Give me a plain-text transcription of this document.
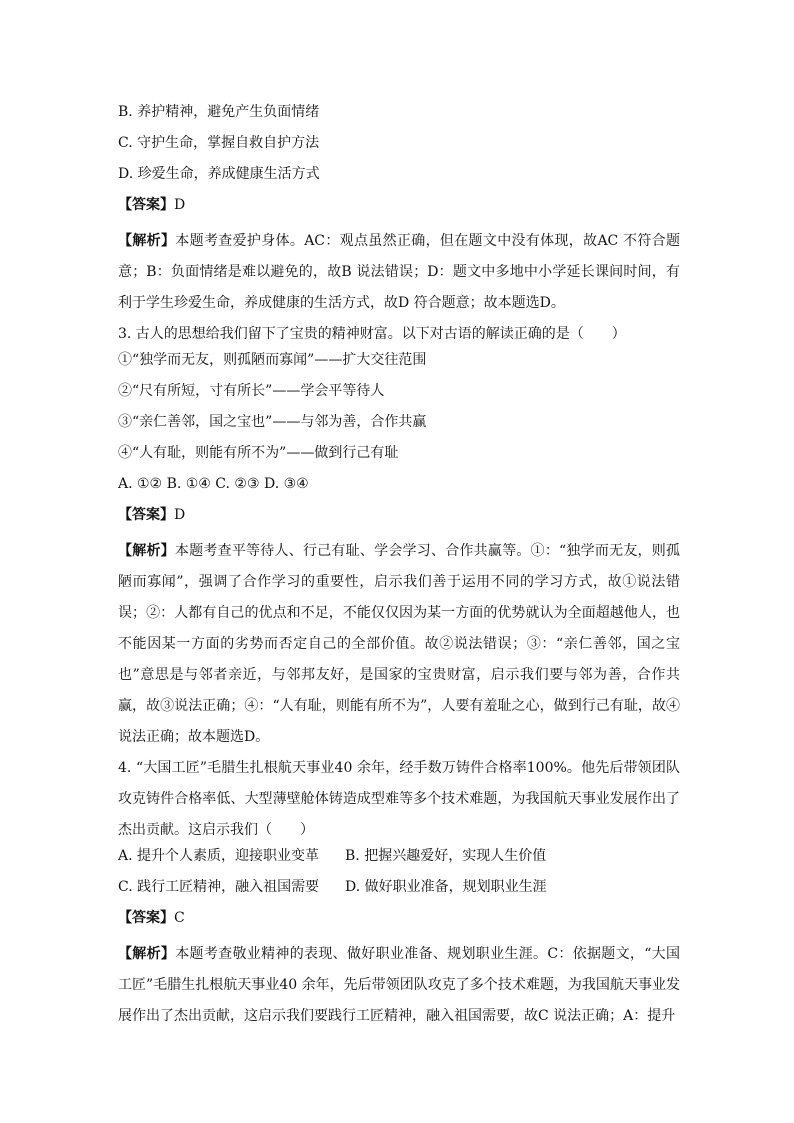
B. 养护精神，避免产生负面情绪
C. 守护生命，掌握自救自护方法
D. 珍爱生命，养成健康生活方式
【答案】D
【解析】本题考查爱护身体。AC：观点虽然正确，但在题文中没有体现，故AC 不符合题意；B：负面情绪是难以避免的，故B 说法错误；D：题文中多地中小学延长课间时间，有利于学生珍爱生命，养成健康的生活方式，故D 符合题意；故本题选D。
3. 古人的思想给我们留下了宝贵的精神财富。以下对古语的解读正确的是（　　）
①“独学而无友，则孤陋而寡闻”——扩大交往范围
②“尺有所短，寸有所长”——学会平等待人
③“亲仁善邻，国之宝也”——与邻为善，合作共赢
④“人有耻，则能有所不为”——做到行己有耻
A. ①② B. ①④ C. ②③ D. ③④
【答案】D
【解析】本题考查平等待人、行己有耻、学会学习、合作共赢等。①：“独学而无友，则孤陋而寡闻”，强调了合作学习的重要性，启示我们善于运用不同的学习方式，故①说法错误；②：人都有自己的优点和不足，不能仅仅因为某一方面的优势就认为全面超越他人，也不能因某一方面的劣势而否定自己的全部价值。故②说法错误；③：“亲仁善邻，国之宝也”意思是与邻者亲近，与邻邦友好，是国家的宝贵财富，启示我们要与邻为善，合作共赢，故③说法正确；④：“人有耻，则能有所不为”，人要有羞耻之心，做到行己有耻，故④说法正确；故本题选D。
4. “大国工匠”毛腊生扎根航天事业40 余年，经手数万铸件合格率100%。他先后带领团队攻克铸件合格率低、大型薄壁舱体铸造成型难等多个技术难题，为我国航天事业发展作出了杰出贡献。这启示我们（　　）
A. 提升个人素质，迎接职业变革 B. 把握兴趣爱好，实现人生价值
C. 践行工匠精神，融入祖国需要 D. 做好职业准备，规划职业生涯
【答案】C
【解析】本题考查敬业精神的表现、做好职业准备、规划职业生涯。C：依据题文，“大国工匠”毛腊生扎根航天事业40 余年，先后带领团队攻克了多个技术难题，为我国航天事业发展作出了杰出贡献，这启示我们要践行工匠精神，融入祖国需要，故C 说法正确；A：提升
